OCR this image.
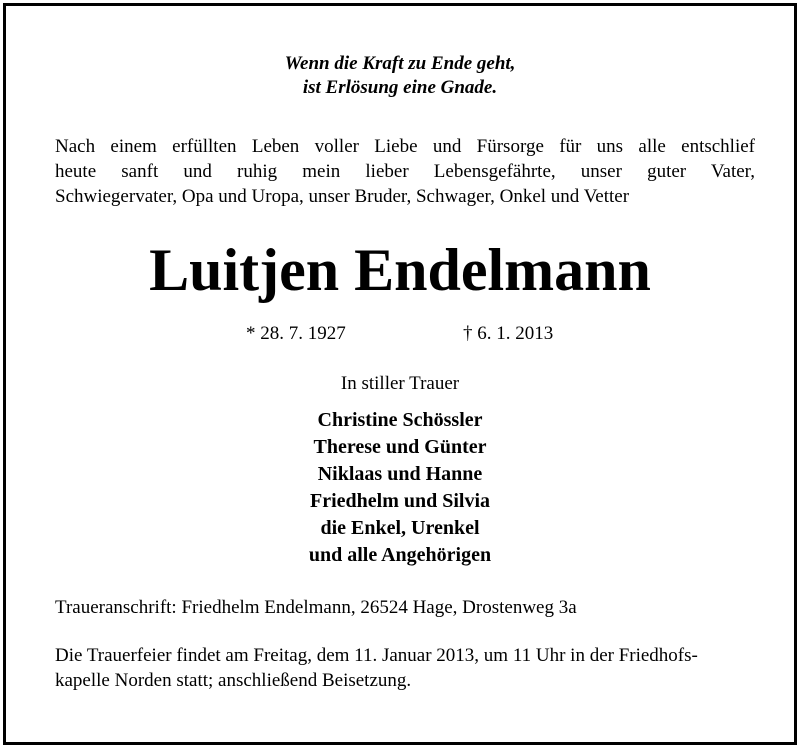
Wenn die Kraft zu Ende geht,
ist Erlösung eine Gnade.
Nach einem erfüllten Leben voller Liebe und Fürsorge für uns alle entschlief
heute sanft und ruhig mein lieber Lebensgefährte, unser guter Vater,
Schwiegervater, Opa und Uropa, unser Bruder, Schwager, Onkel und Vetter
Luitjen Endelmann
* 28. 7. 1927	† 6. 1. 2013
In stiller Trauer
Christine Schössler
Therese und Günter
Niklaas und Hanne
Friedhelm und Silvia
die Enkel, Urenkel
und alle Angehörigen
Traueranschrift: Friedhelm Endelmann, 26524 Hage, Drostenweg 3a
Die Trauerfeier findet am Freitag, dem 11. Januar 2013, um 11 Uhr in der Friedhofs-
kapelle Norden statt; anschließend Beisetzung.
